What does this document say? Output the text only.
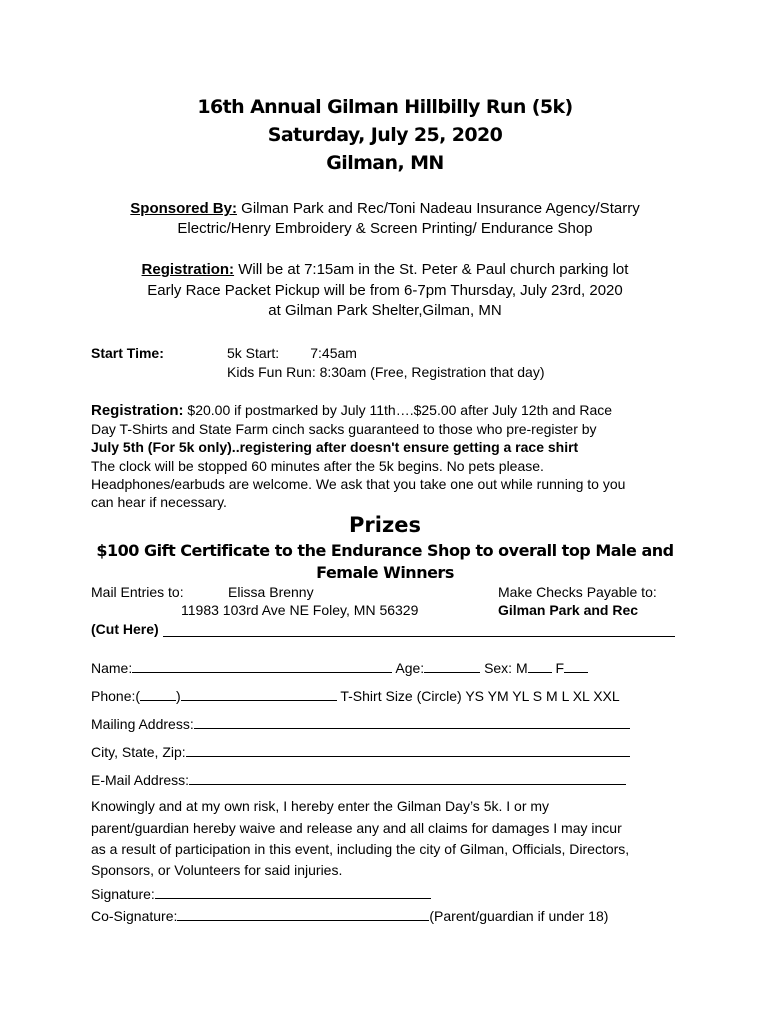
16th Annual Gilman Hillbilly Run (5k)
Saturday, July 25, 2020
Gilman, MN
Sponsored By: Gilman Park and Rec/Toni Nadeau Insurance Agency/Starry
Electric/Henry Embroidery & Screen Printing/ Endurance Shop
Registration: Will be at 7:15am in the St. Peter & Paul church parking lot
Early Race Packet Pickup will be from 6-7pm Thursday, July 23rd, 2020
at Gilman Park Shelter,Gilman, MN
Start Time:	5k Start:        7:45am
Kids Fun Run: 8:30am (Free, Registration that day)
Registration: $20.00 if postmarked by July 11th….$25.00 after July 12th and Race
Day T-Shirts and State Farm cinch sacks guaranteed to those who pre-register by
July 5th (For 5k only)..registering after doesn't ensure getting a race shirt
The clock will be stopped 60 minutes after the 5k begins. No pets please.
Headphones/earbuds are welcome. We ask that you take one out while running to you
can hear if necessary.
Prizes
$100 Gift Certificate to the Endurance Shop to overall top Male and
Female Winners
Mail Entries to:	Elissa Brenny
11983 103rd Ave NE Foley, MN 56329
Make Checks Payable to:
Gilman Park and Rec
(Cut Here)
Name:	Age:	Sex: M F
Phone:(	)	T-Shirt Size (Circle) YS YM YL S M L XL XXL
Mailing Address:
City, State, Zip:
E-Mail Address:
Knowingly and at my own risk, I hereby enter the Gilman Day’s 5k. I or my
parent/guardian hereby waive and release any and all claims for damages I may incur
as a result of participation in this event, including the city of Gilman, Officials, Directors,
Sponsors, or Volunteers for said injuries.
Signature:
Co-Signature:	(Parent/guardian if under 18)
